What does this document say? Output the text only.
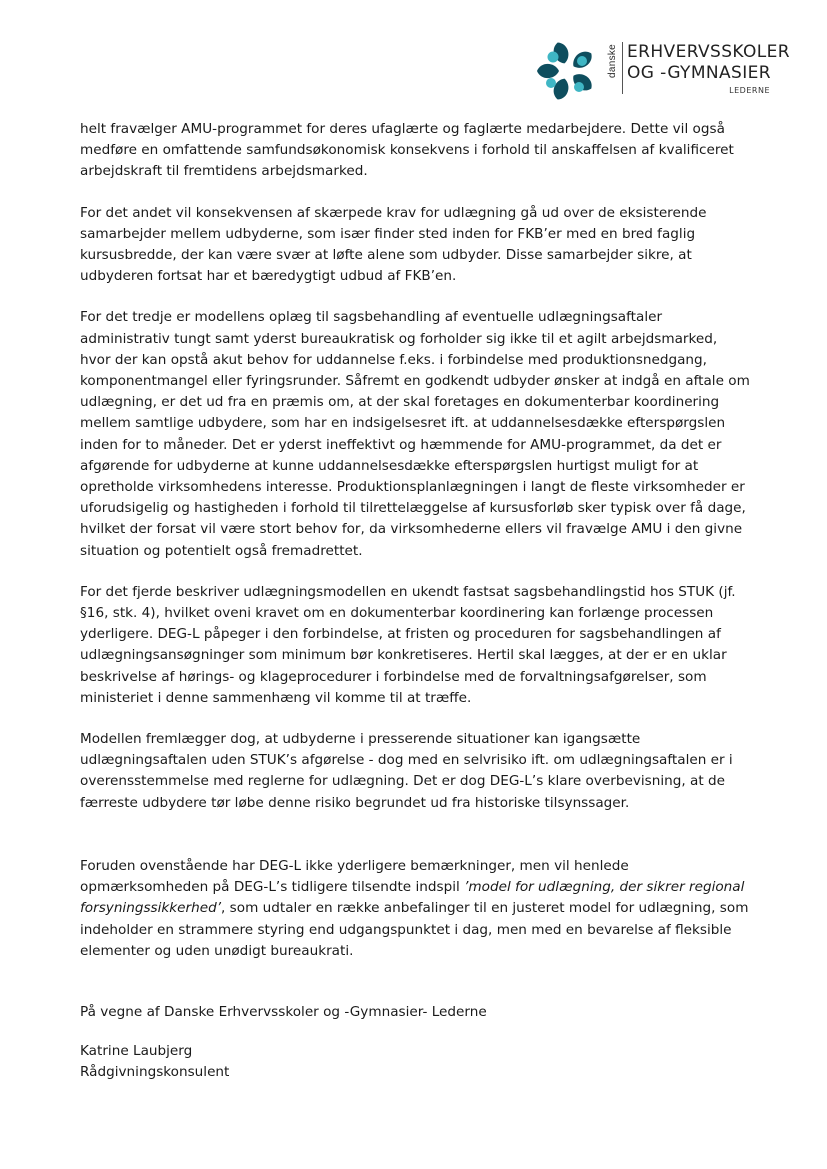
danske ERHVERVSSKOLER
OG -GYMNASIER
LEDERNE

helt fravælger AMU-programmet for deres ufaglærte og faglærte medarbejdere. Dette vil også medføre en omfattende samfundsøkonomisk konsekvens i forhold til anskaffelsen af kvalificeret arbejdskraft til fremtidens arbejdsmarked.

For det andet vil konsekvensen af skærpede krav for udlægning gå ud over de eksisterende samarbejder mellem udbyderne, som især finder sted inden for FKB’er med en bred faglig kursusbredde, der kan være svær at løfte alene som udbyder. Disse samarbejder sikre, at udbyderen fortsat har et bæredygtigt udbud af FKB’en.

For det tredje er modellens oplæg til sagsbehandling af eventuelle udlægningsaftaler administrativ tungt samt yderst bureaukratisk og forholder sig ikke til et agilt arbejdsmarked, hvor der kan opstå akut behov for uddannelse f.eks. i forbindelse med produktionsnedgang, komponentmangel eller fyringsrunder. Såfremt en godkendt udbyder ønsker at indgå en aftale om udlægning, er det ud fra en præmis om, at der skal foretages en dokumenterbar koordinering mellem samtlige udbydere, som har en indsigelsesret ift. at uddannelsesdække efterspørgslen inden for to måneder. Det er yderst ineffektivt og hæmmende for AMU-programmet, da det er afgørende for udbyderne at kunne uddannelsesdække efterspørgslen hurtigst muligt for at opretholde virksomhedens interesse. Produktionsplanlægningen i langt de fleste virksomheder er uforudsigelig og hastigheden i forhold til tilrettelæggelse af kursusforløb sker typisk over få dage, hvilket der forsat vil være stort behov for, da virksomhederne ellers vil fravælge AMU i den givne situation og potentielt også fremadrettet.

For det fjerde beskriver udlægningsmodellen en ukendt fastsat sagsbehandlingstid hos STUK (jf. §16, stk. 4), hvilket oveni kravet om en dokumenterbar koordinering kan forlænge processen yderligere. DEG-L påpeger i den forbindelse, at fristen og proceduren for sagsbehandlingen af udlægningsansøgninger som minimum bør konkretiseres. Hertil skal lægges, at der er en uklar beskrivelse af hørings- og klageprocedurer i forbindelse med de forvaltningsafgørelser, som ministeriet i denne sammenhæng vil komme til at træffe.

Modellen fremlægger dog, at udbyderne i presserende situationer kan igangsætte udlægningsaftalen uden STUK’s afgørelse - dog med en selvrisiko ift. om udlægningsaftalen er i overensstemmelse med reglerne for udlægning. Det er dog DEG-L’s klare overbevisning, at de færreste udbydere tør løbe denne risiko begrundet ud fra historiske tilsynssager.

Foruden ovenstående har DEG-L ikke yderligere bemærkninger, men vil henlede opmærksomheden på DEG-L’s tidligere tilsendte indspil ’model for udlægning, der sikrer regional forsyningssikkerhed’, som udtaler en række anbefalinger til en justeret model for udlægning, som indeholder en strammere styring end udgangspunktet i dag, men med en bevarelse af fleksible elementer og uden unødigt bureaukrati.

På vegne af Danske Erhvervsskoler og -Gymnasier- Lederne

Katrine Laubjerg

Rådgivningskonsulent
